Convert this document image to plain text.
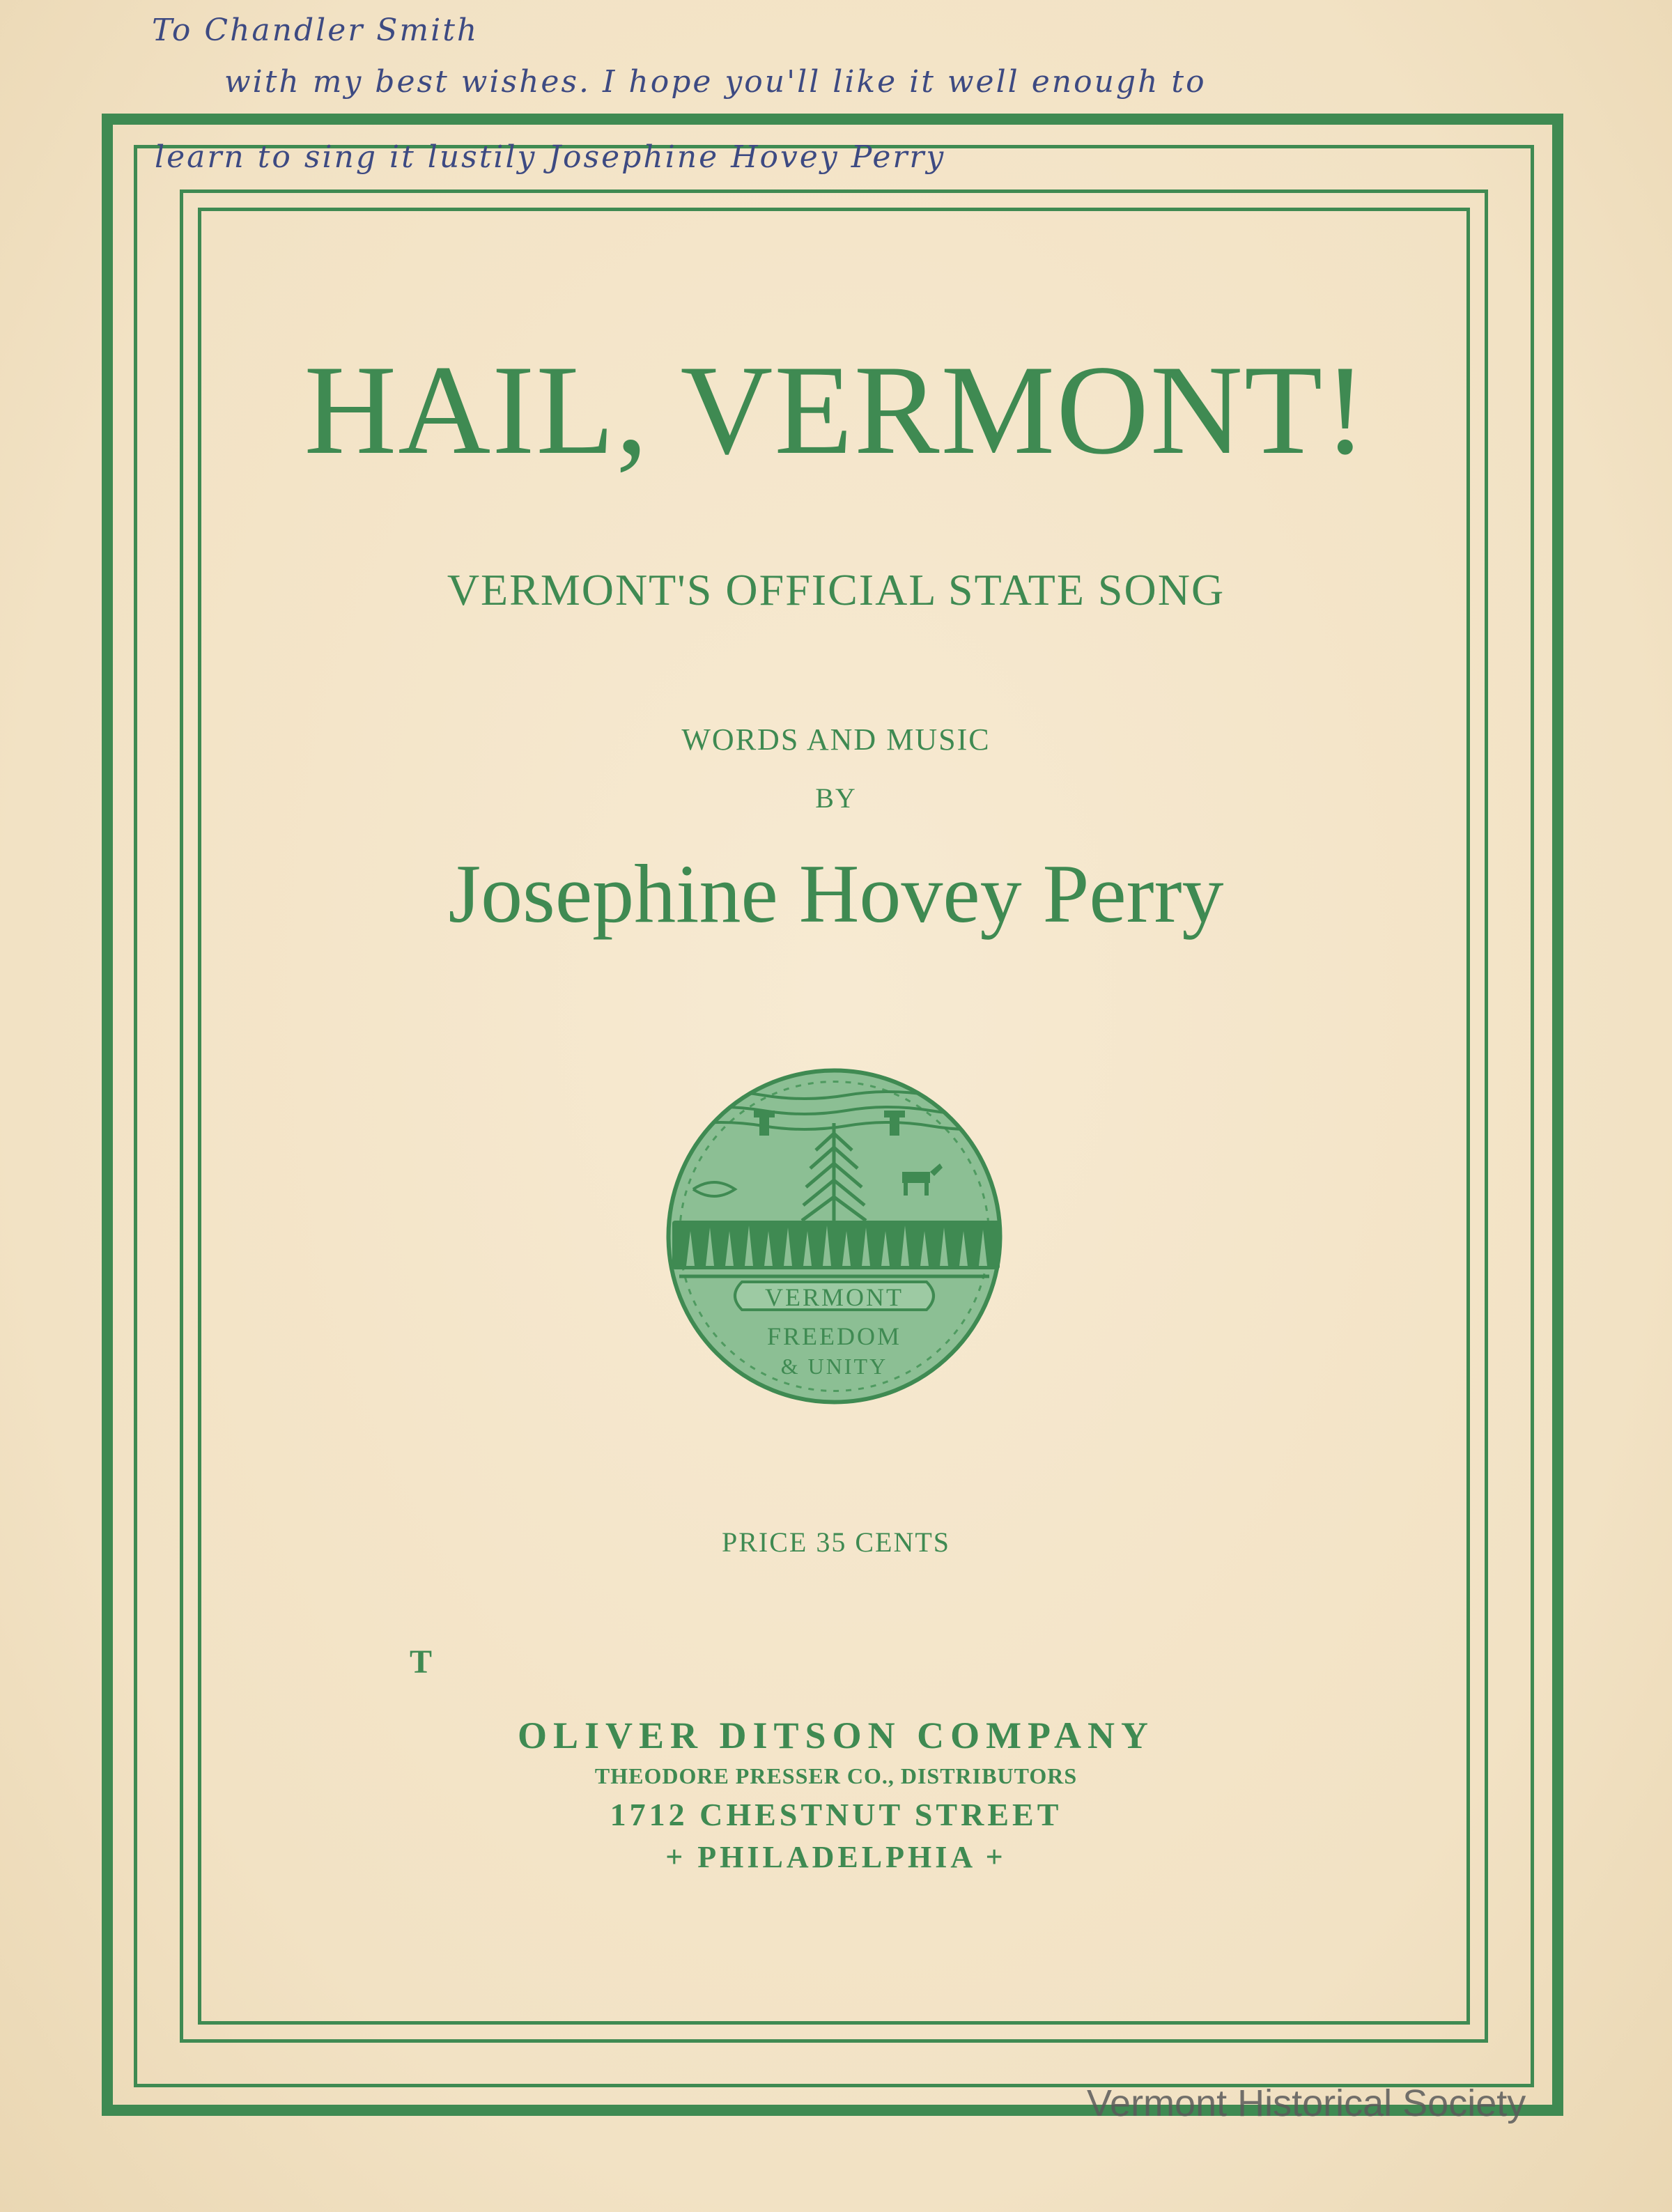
To Chandler Smith
with my best wishes. I hope you'll like it well enough to
learn to sing it lustily Josephine Hovey Perry
HAIL, VERMONT!
VERMONT'S OFFICIAL STATE SONG
WORDS AND MUSIC
BY
Josephine Hovey Perry
VERMONT
FREEDOM
& UNITY
PRICE 35 CENTS
T
OLIVER DITSON COMPANY
THEODORE PRESSER CO., DISTRIBUTORS
1712 CHESTNUT STREET
+ PHILADELPHIA +
Vermont Historical Society
